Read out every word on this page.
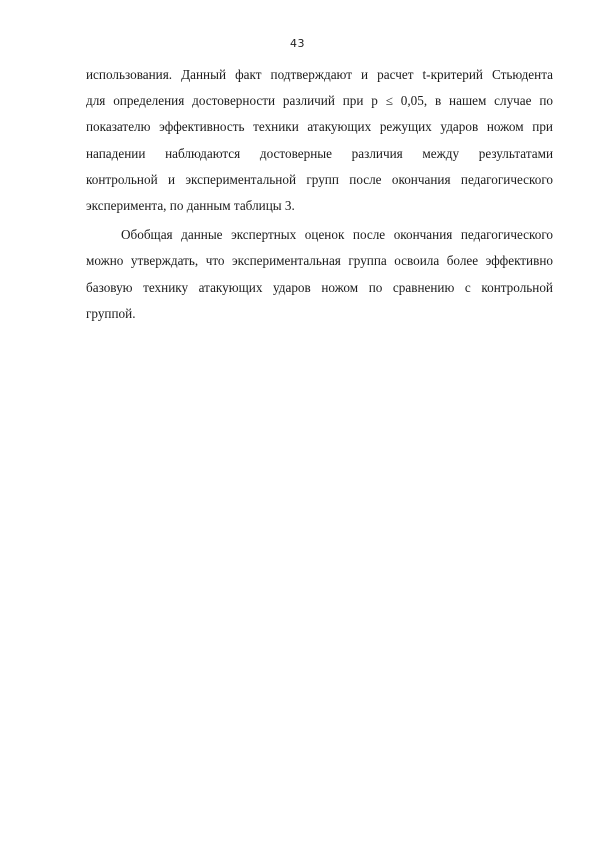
43
использования. Данный факт подтверждают и расчет t-критерий Стьюдента
для определения достоверности различий при p ≤ 0,05, в нашем случае по
показателю эффективность техники атакующих режущих ударов ножом при
нападении наблюдаются достоверные различия между результатами
контрольной и экспериментальной групп после окончания педагогического
эксперимента, по данным таблицы 3.
Обобщая данные экспертных оценок после окончания педагогического
можно утверждать, что экспериментальная группа освоила более эффективно
базовую технику атакующих ударов ножом по сравнению с контрольной
группой.
